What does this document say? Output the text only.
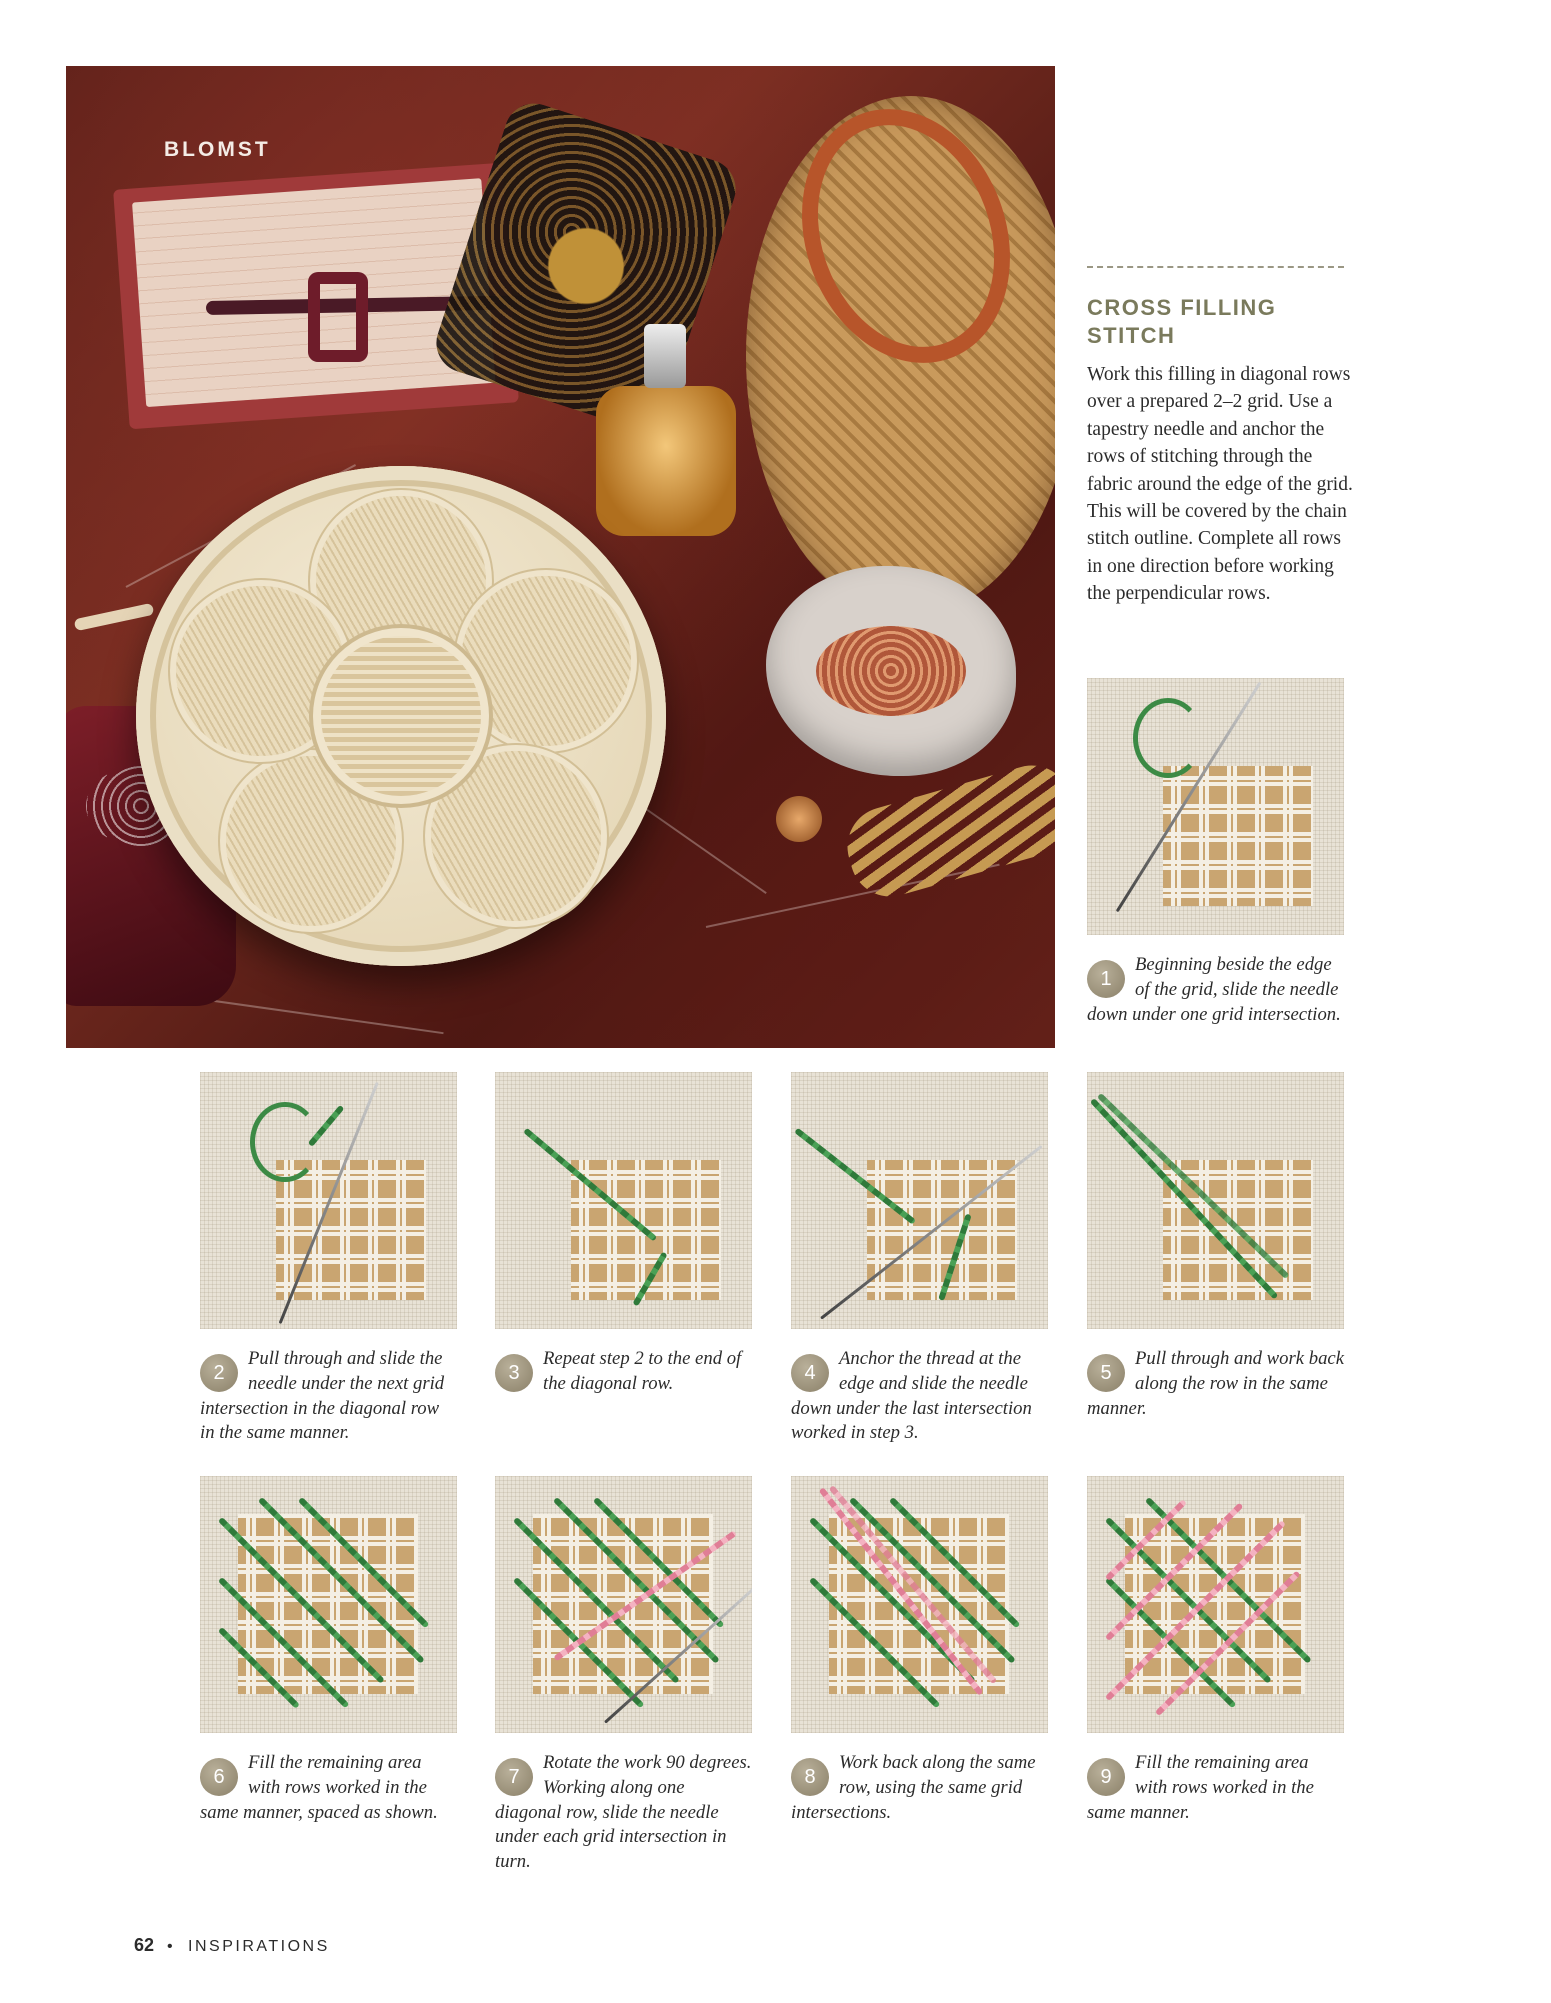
BLOMST
CROSS FILLING STITCH

Work this filling in diagonal rows over a prepared 2–2 grid. Use a tapestry needle and anchor the rows of stitching through the fabric around the edge of the grid. This will be covered by the chain stitch outline. Complete all rows in one direction before working the perpendicular rows.

1
Beginning beside the edge of the grid, slide the needle down under one grid intersection.
2
Pull through and slide the needle under the next grid intersection in the diagonal row in the same manner.
3
Repeat step 2 to the end of the diagonal row.	4
Anchor the thread at the edge and slide the needle down under the last intersection worked in step 3.
5
Pull through and work back along the row in the same manner.
6
Fill the remaining area with rows worked in the same manner, spaced as shown.
7
Rotate the work 90 degrees. Working along one diagonal row, slide the needle under each grid intersection in turn.
8
Work back along the same row, using the same grid intersections.
9
Fill the remaining area with rows worked in the same manner.
62 • INSPIRATIONS
